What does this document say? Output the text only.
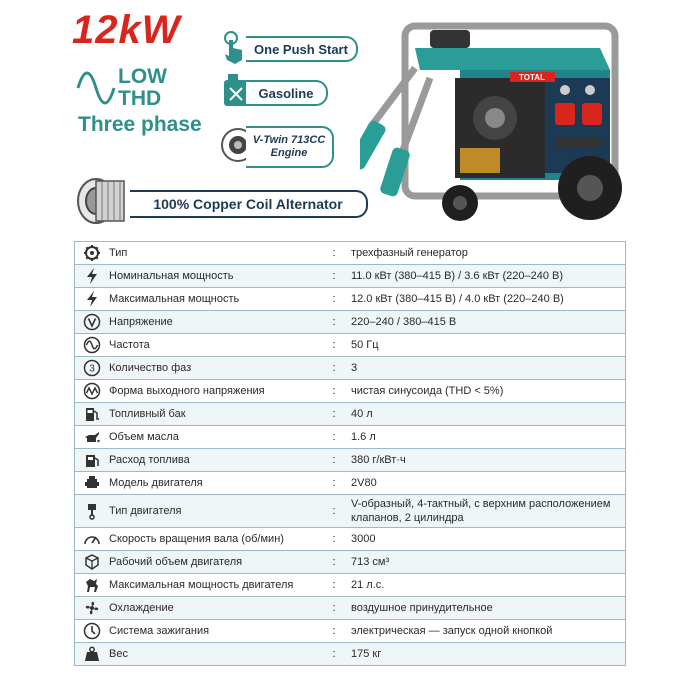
12kW
LOW
THD
Three phase
One Push Start
Gasoline
V-Twin 713CC
Engine
100% Copper Coil Alternator
TOTAL
	Тип	:	трехфазный генератор
	Номинальная мощность	:	11.0 кВт (380–415 В) / 3.6 кВт (220–240 В)
	Максимальная мощность	:	12.0 кВт (380–415 В) / 4.0 кВт (220–240 В)
	Напряжение	:	220–240 / 380–415 В
	Частота	:	50 Гц

3	Количество фаз	:	3
	Форма выходного напряжения	:	чистая синусоида (THD < 5%)
	Топливный бак	:	40 л
	Объем масла	:	1.6 л
	Расход топлива	:	380 г/кВт·ч
	Модель двигателя	:	2V80
	Тип двигателя	:	V-образный, 4-тактный, с верхним расположением клапанов, 2 цилиндра
	Скорость вращения вала (об/мин)	:	3000
	Рабочий объем двигателя	:	713 см³
	Максимальная мощность двигателя	:	21 л.с.
	Охлаждение	:	воздушное принудительное
	Система зажигания	:	электрическая — запуск одной кнопкой
	Вес	:	175 кг
